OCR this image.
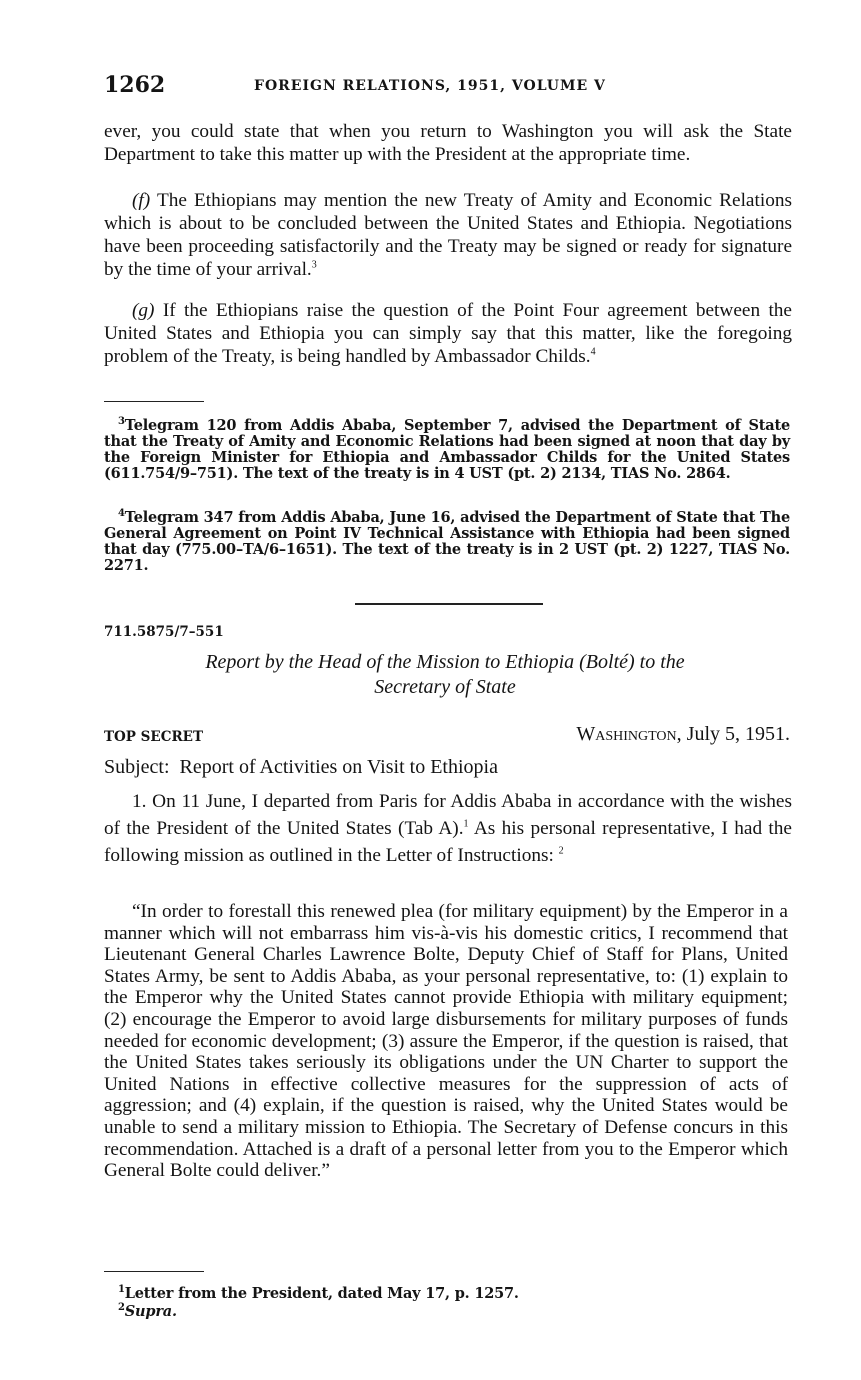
1262	FOREIGN RELATIONS, 1951, VOLUME V

ever, you could state that when you return to Washington you will ask the State Department to take this matter up with the President at the appropriate time.

(f) The Ethiopians may mention the new Treaty of Amity and Economic Relations which is about to be concluded between the United States and Ethiopia. Negotiations have been proceeding satisfactorily and the Treaty may be signed or ready for signature by the time of your arrival.$^3$

(g) If the Ethiopians raise the question of the Point Four agreement between the United States and Ethiopia you can simply say that this matter, like the foregoing problem of the Treaty, is being handled by Ambassador Childs.$^4$

$^3$Telegram 120 from Addis Ababa, September 7, advised the Department of State that the Treaty of Amity and Economic Relations had been signed at noon that day by the Foreign Minister for Ethiopia and Ambassador Childs for the United States (611.754/9–751). The text of the treaty is in 4 UST (pt. 2) 2134, TIAS No. 2864.

$^4$Telegram 347 from Addis Ababa, June 16, advised the Department of State that The General Agreement on Point IV Technical Assistance with Ethiopia had been signed that day (775.00–TA/6–1651). The text of the treaty is in 2 UST (pt. 2) 1227, TIAS No. 2271.

711.5875/7–551

Report by the Head of the Mission to Ethiopia (Bolté) to the
Secretary of State

TOP SECRET	Washington, July 5, 1951.
Subject: Report of Activities on Visit to Ethiopia

1. On 11 June, I departed from Paris for Addis Ababa in accordance with the wishes of the President of the United States (Tab A).$^1$ As his personal representative, I had the following mission as outlined in the Letter of Instructions: $^2$

“In order to forestall this renewed plea (for military equipment) by the Emperor in a manner which will not embarrass him vis-à-vis his domestic critics, I recommend that Lieutenant General Charles Lawrence Bolte, Deputy Chief of Staff for Plans, United States Army, be sent to Addis Ababa, as your personal representative, to: (1) explain to the Emperor why the United States cannot provide Ethiopia with military equipment; (2) encourage the Emperor to avoid large disbursements for military purposes of funds needed for economic development; (3) assure the Emperor, if the question is raised, that the United States takes seriously its obligations under the UN Charter to support the United Nations in effective collective measures for the suppression of acts of aggression; and (4) explain, if the question is raised, why the United States would be unable to send a military mission to Ethiopia. The Secretary of Defense concurs in this recommendation. Attached is a draft of a personal letter from you to the Emperor which General Bolte could deliver.”

$^1$Letter from the President, dated May 17, p. 1257.

$^2$Supra.
